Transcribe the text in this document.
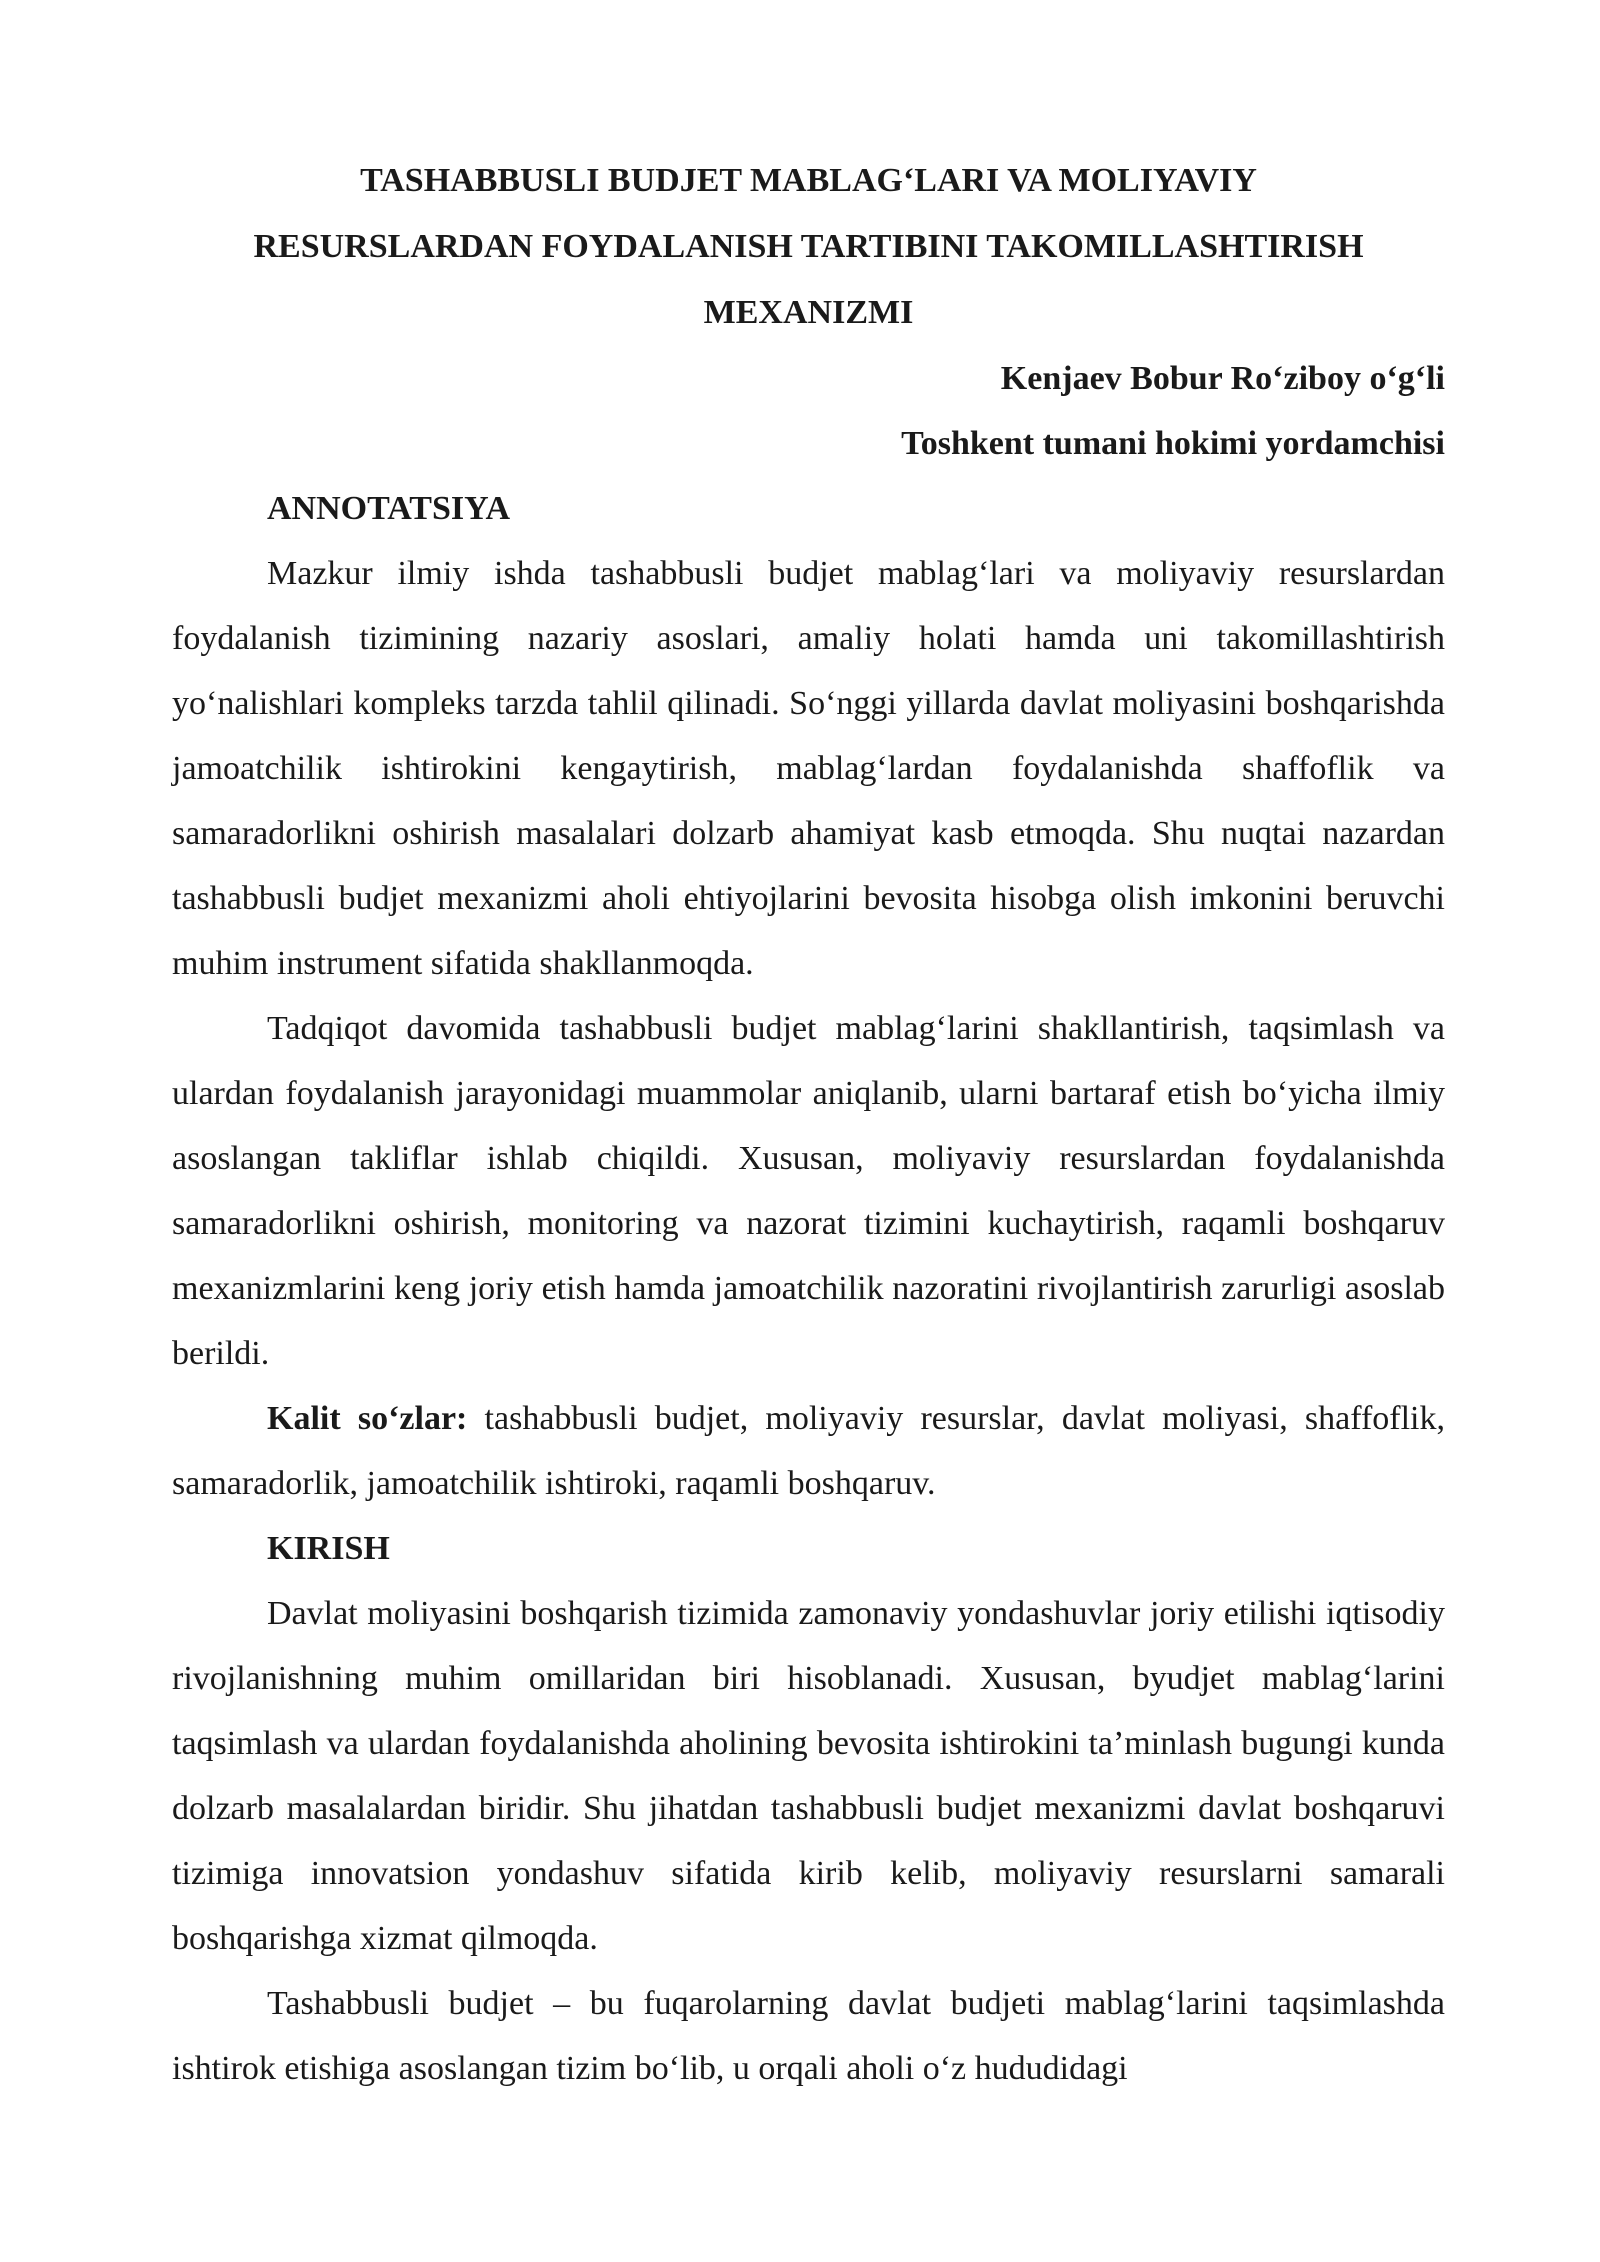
TASHABBUSLI BUDJET MABLAG‘LARI VA MOLIYAVIY
RESURSLARDAN FOYDALANISH TARTIBINI TAKOMILLASHTIRISH
MEXANIZMI

Kenjaev Bobur Ro‘ziboy o‘g‘li

Toshkent tumani hokimi yordamchisi

ANNOTATSIYA

Mazkur ilmiy ishda tashabbusli budjet mablag‘lari va moliyaviy resurslardan foydalanish tizimining nazariy asoslari, amaliy holati hamda uni takomillashtirish yo‘nalishlari kompleks tarzda tahlil qilinadi. So‘nggi yillarda davlat moliyasini boshqarishda jamoatchilik ishtirokini kengaytirish, mablag‘lardan foydalanishda shaffoflik va samaradorlikni oshirish masalalari dolzarb ahamiyat kasb etmoqda. Shu nuqtai nazardan tashabbusli budjet mexanizmi aholi ehtiyojlarini bevosita hisobga olish imkonini beruvchi muhim instrument sifatida shakllanmoqda.

Tadqiqot davomida tashabbusli budjet mablag‘larini shakllantirish, taqsimlash va ulardan foydalanish jarayonidagi muammolar aniqlanib, ularni bartaraf etish bo‘yicha ilmiy asoslangan takliflar ishlab chiqildi. Xususan, moliyaviy resurslardan foydalanishda samaradorlikni oshirish, monitoring va nazorat tizimini kuchaytirish, raqamli boshqaruv mexanizmlarini keng joriy etish hamda jamoatchilik nazoratini rivojlantirish zarurligi asoslab berildi.

Kalit so‘zlar: tashabbusli budjet, moliyaviy resurslar, davlat moliyasi, shaffoflik, samaradorlik, jamoatchilik ishtiroki, raqamli boshqaruv.

KIRISH

Davlat moliyasini boshqarish tizimida zamonaviy yondashuvlar joriy etilishi iqtisodiy rivojlanishning muhim omillaridan biri hisoblanadi. Xususan, byudjet mablag‘larini taqsimlash va ulardan foydalanishda aholining bevosita ishtirokini ta’minlash bugungi kunda dolzarb masalalardan biridir. Shu jihatdan tashabbusli budjet mexanizmi davlat boshqaruvi tizimiga innovatsion yondashuv sifatida kirib kelib, moliyaviy resurslarni samarali boshqarishga xizmat qilmoqda.

Tashabbusli budjet – bu fuqarolarning davlat budjeti mablag‘larini taqsimlashda ishtirok etishiga asoslangan tizim bo‘lib, u orqali aholi o‘z hududidagi
